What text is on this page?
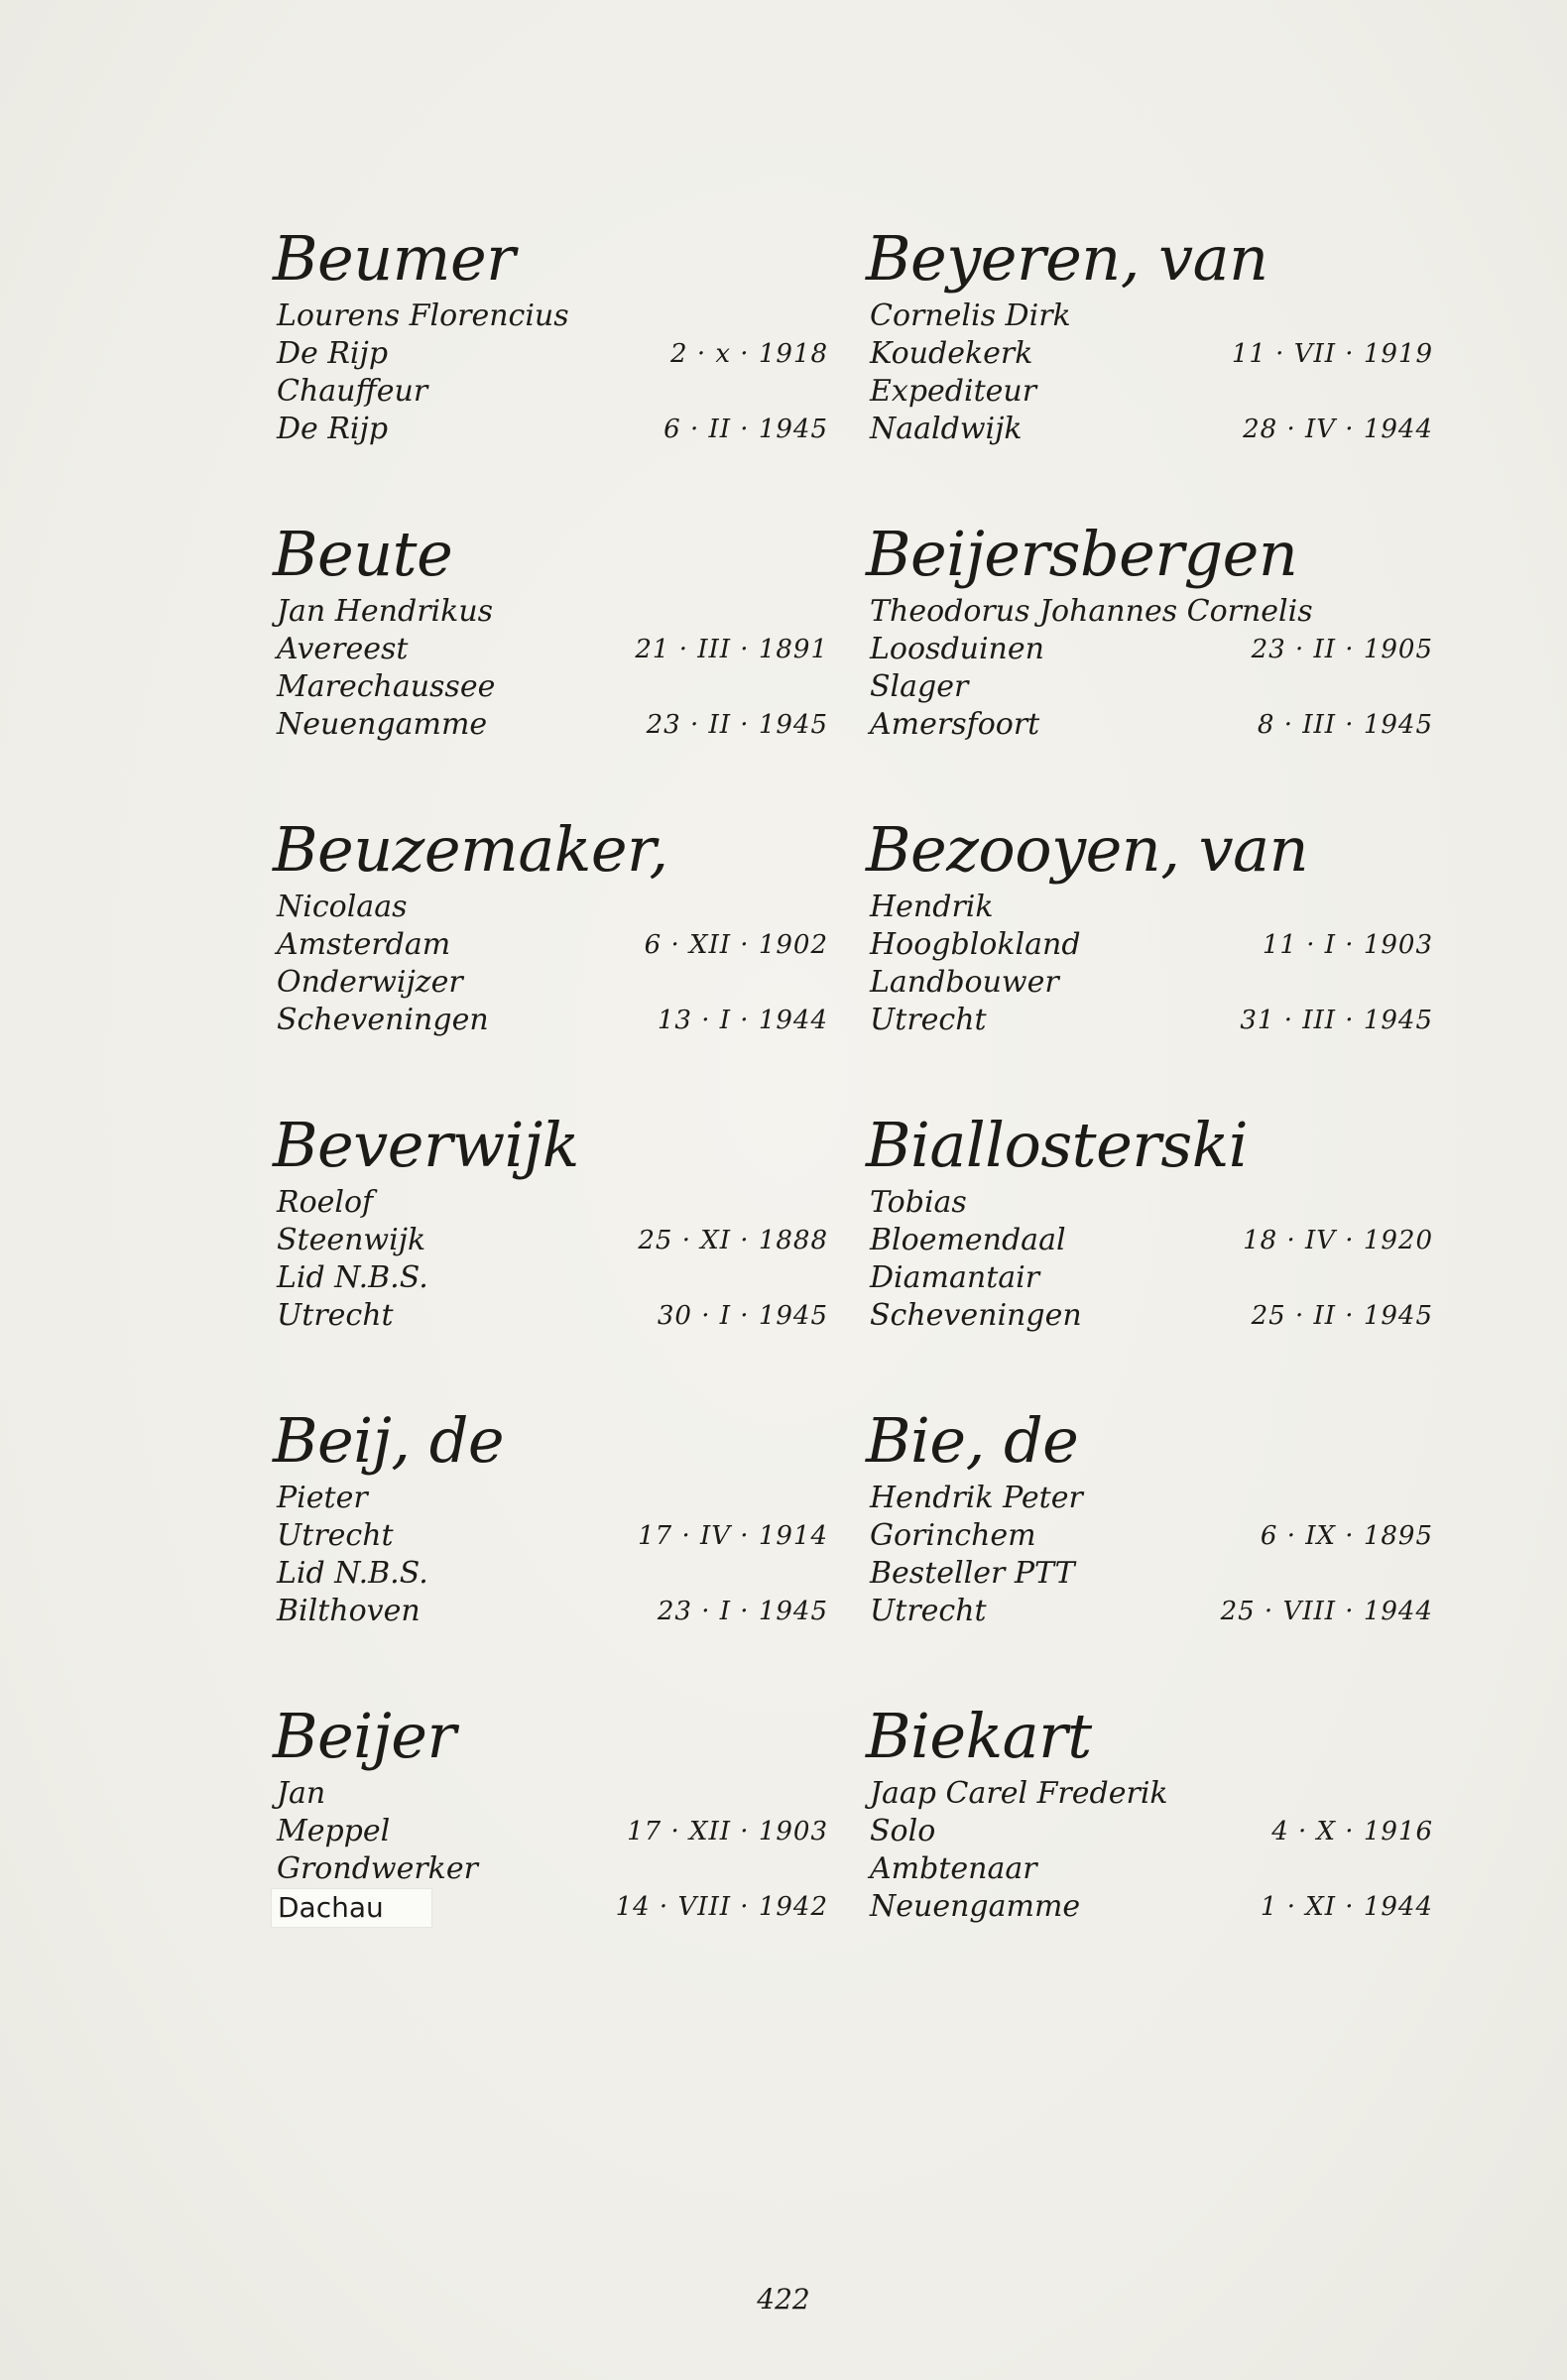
Beumer
Lourens Florencius
De Rijp	2 · x · 1918
Chauffeur
De Rijp	6 · II · 1945
Beute
Jan Hendrikus
Avereest	21 · III · 1891
Marechaussee
Neuengamme	23 · II · 1945
Beuzemaker,
Nicolaas
Amsterdam	6 · XII · 1902
Onderwijzer
Scheveningen	13 · I · 1944
Beverwijk
Roelof
Steenwijk	25 · XI · 1888
Lid N.B.S.
Utrecht	30 · I · 1945
Beij, de
Pieter
Utrecht	17 · IV · 1914
Lid N.B.S.
Bilthoven	23 · I · 1945
Beijer
Jan
Meppel	17 · XII · 1903
Grondwerker
Dachau	14 · VIII · 1942
Beyeren, van
Cornelis Dirk
Koudekerk	11 · VII · 1919
Expediteur
Naaldwijk	28 · IV · 1944
Beijersbergen
Theodorus Johannes Cornelis
Loosduinen	23 · II · 1905
Slager
Amersfoort	8 · III · 1945
Bezooyen, van
Hendrik
Hoogblokland	11 · I · 1903
Landbouwer
Utrecht	31 · III · 1945
Biallosterski
Tobias
Bloemendaal	18 · IV · 1920
Diamantair
Scheveningen	25 · II · 1945
Bie, de
Hendrik Peter
Gorinchem	6 · IX · 1895
Besteller PTT
Utrecht	25 · VIII · 1944
Biekart
Jaap Carel Frederik
Solo	4 · X · 1916
Ambtenaar
Neuengamme	1 · XI · 1944
422
